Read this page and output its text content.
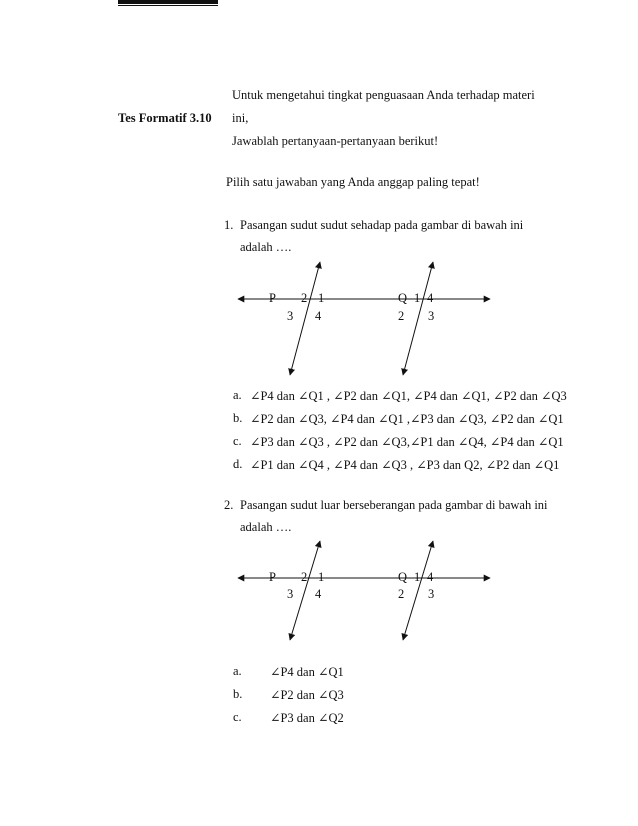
Untuk mengetahui tingkat penguasaan Anda terhadap materi
Tes Formatif 3.10 ini,
Jawablah pertanyaan-pertanyaan berikut!
Pilih satu jawaban yang Anda anggap paling tepat!
1. Pasangan sudut sudut sehadap pada gambar di bawah ini
adalah ….
P 2 1
3 4
Q 1 4
2 3
P 2 1
3 4
Q 1 4
2 3
a. ∠P4 dan ∠Q1 , ∠P2 dan ∠Q1, ∠P4 dan ∠Q1, ∠P2 dan ∠Q3
b. ∠P2 dan ∠Q3, ∠P4 dan ∠Q1 ,∠P3 dan ∠Q3, ∠P2 dan ∠Q1
c. ∠P3 dan ∠Q3 , ∠P2 dan ∠Q3,∠P1 dan ∠Q4, ∠P4 dan ∠Q1
d. ∠P1 dan ∠Q4 , ∠P4 dan ∠Q3 , ∠P3 dan Q2, ∠P2 dan ∠Q1
2. Pasangan sudut luar berseberangan pada gambar di bawah ini
adalah ….
a. ∠P4 dan ∠Q1
b. ∠P2 dan ∠Q3
c. ∠P3 dan ∠Q2
